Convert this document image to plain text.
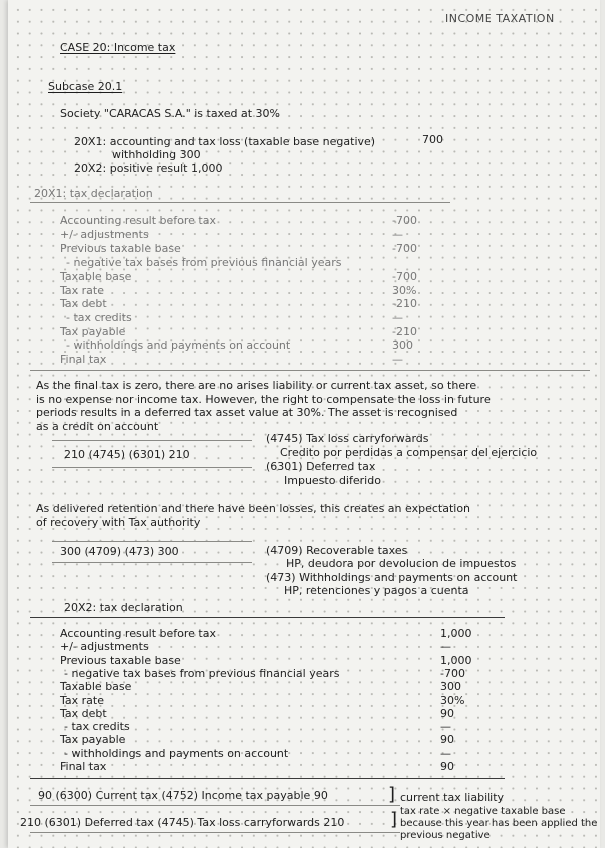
INCOME TAXATION
CASE 20: Income tax
Subcase 20.1
Society "CARACAS S.A." is taxed at 30%
20X1: accounting and tax loss (taxable base negative)	700
withholding 300
20X2: positive result 1,000
20X1: tax declaration
Accounting result before tax	-700
+/- adjustments	—
Previous taxable base	-700
- negative tax bases from previous financial years
Taxable base	-700
Tax rate	30%
Tax debt	-210
- tax credits	—
Tax payable	-210
- withholdings and payments on account	300
Final tax	—
As the final tax is zero, there are no arises liability or current tax asset, so there
is no expense nor income tax. However, the right to compensate the loss in future
periods results in a deferred tax asset value at 30%. The asset is recognised
as a credit on account
210 (4745) (6301) 210
(4745) Tax loss carryforwards
Credito por perdidas a compensar del ejercicio
(6301) Deferred tax
Impuesto diferido
As delivered retention and there have been losses, this creates an expectation
of recovery with Tax authority
300 (4709) (473) 300	(4709) Recoverable taxes
HP, deudora por devolucion de impuestos
(473) Withholdings and payments on account
HP, retenciones y pagos a cuenta
20X2: tax declaration
Accounting result before tax	1,000
+/- adjustments	—
Previous taxable base	1,000
- negative tax bases from previous financial years	-700
Taxable base	300
Tax rate	30%
Tax debt	90
- tax credits	—
Tax payable	90
- withholdings and payments on account	—
Final tax	90
90 (6300) Current tax (4752) Income tax payable 90	] current tax liability
210 (6301) Deferred tax (4745) Tax loss carryforwards 210	] tax rate × negative taxable base
because this year has been applied the
previous negative
